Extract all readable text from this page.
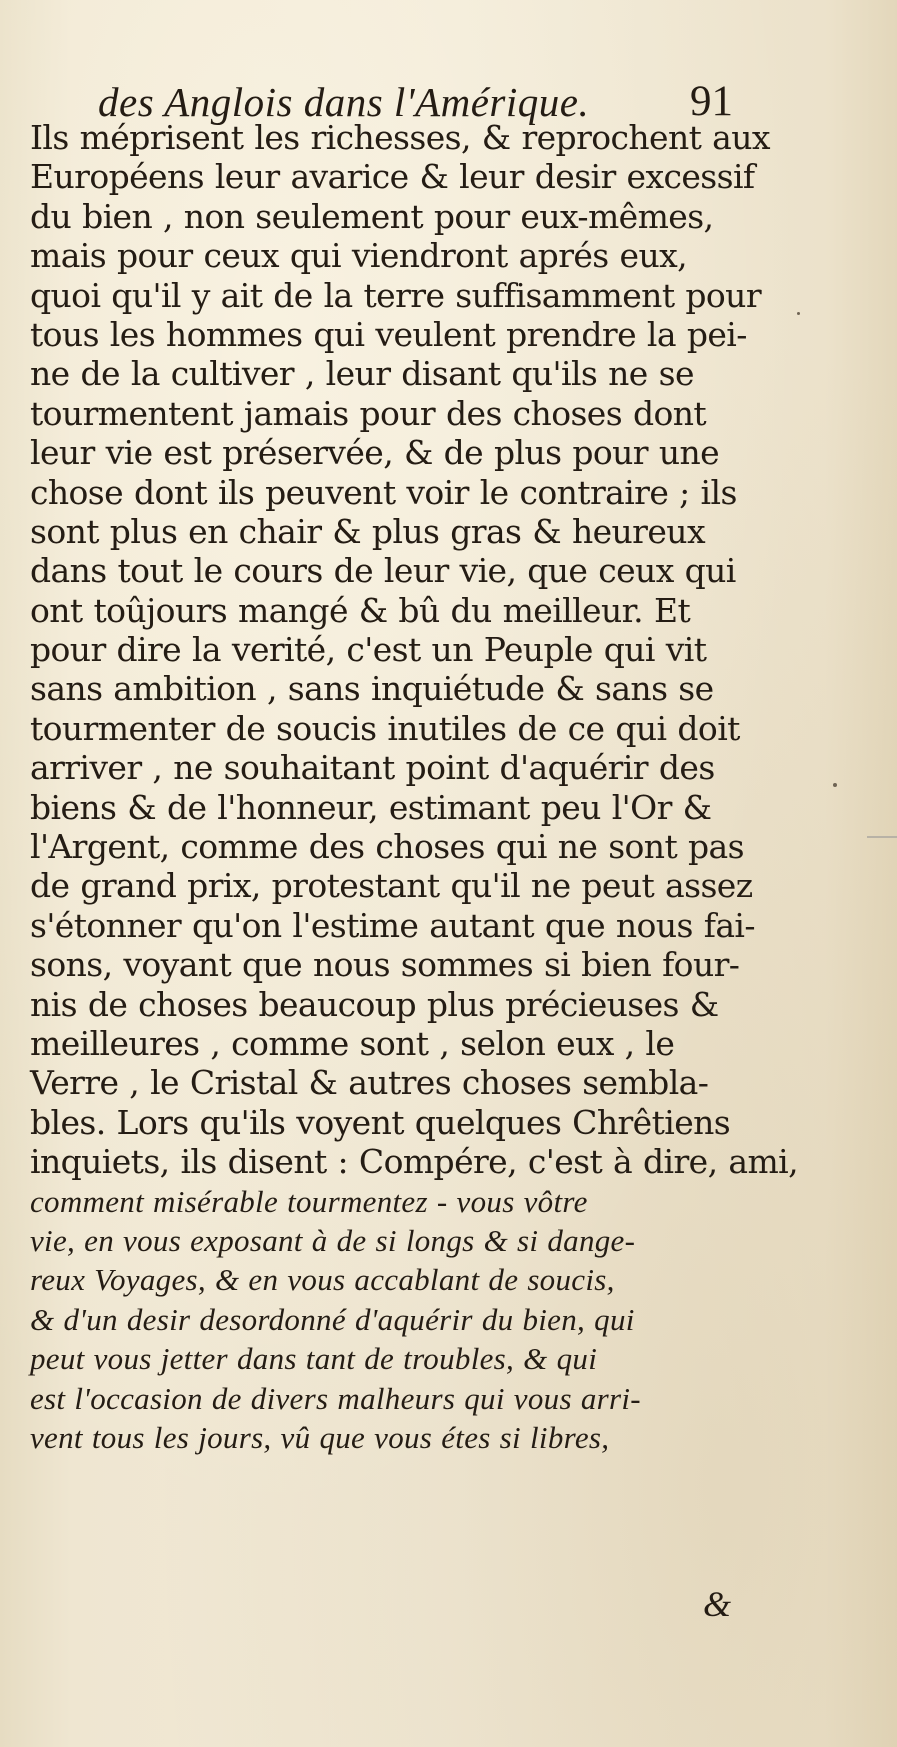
des Anglois dans l'Amérique.	91
Ils méprisent les richesses, & reprochent aux
Européens leur avarice & leur desir excessif
du bien , non seulement pour eux-mêmes,
mais pour ceux qui viendront aprés eux,
quoi qu'il y ait de la terre suffisamment pour
tous les hommes qui veulent prendre la pei-
ne de la cultiver , leur disant qu'ils ne se
tourmentent jamais pour des choses dont
leur vie est préservée, & de plus pour une
chose dont ils peuvent voir le contraire ; ils
sont plus en chair & plus gras & heureux
dans tout le cours de leur vie, que ceux qui
ont toûjours mangé & bû du meilleur. Et
pour dire la verité, c'est un Peuple qui vit
sans ambition , sans inquiétude & sans se
tourmenter de soucis inutiles de ce qui doit
arriver , ne souhaitant point d'aquérir des
biens & de l'honneur, estimant peu l'Or &
l'Argent, comme des choses qui ne sont pas
de grand prix, protestant qu'il ne peut assez
s'étonner qu'on l'estime autant que nous fai-
sons, voyant que nous sommes si bien four-
nis de choses beaucoup plus précieuses &
meilleures , comme sont , selon eux , le
Verre , le Cristal & autres choses sembla-
bles. Lors qu'ils voyent quelques Chrêtiens
inquiets, ils disent : Compére, c'est à dire, ami,
comment misérable tourmentez - vous vôtre
vie, en vous exposant à de si longs & si dange-
reux Voyages, & en vous accablant de soucis,
& d'un desir desordonné d'aquérir du bien, qui
peut vous jetter dans tant de troubles, & qui
est l'occasion de divers malheurs qui vous arri-
vent tous les jours, vû que vous étes si libres,
&
